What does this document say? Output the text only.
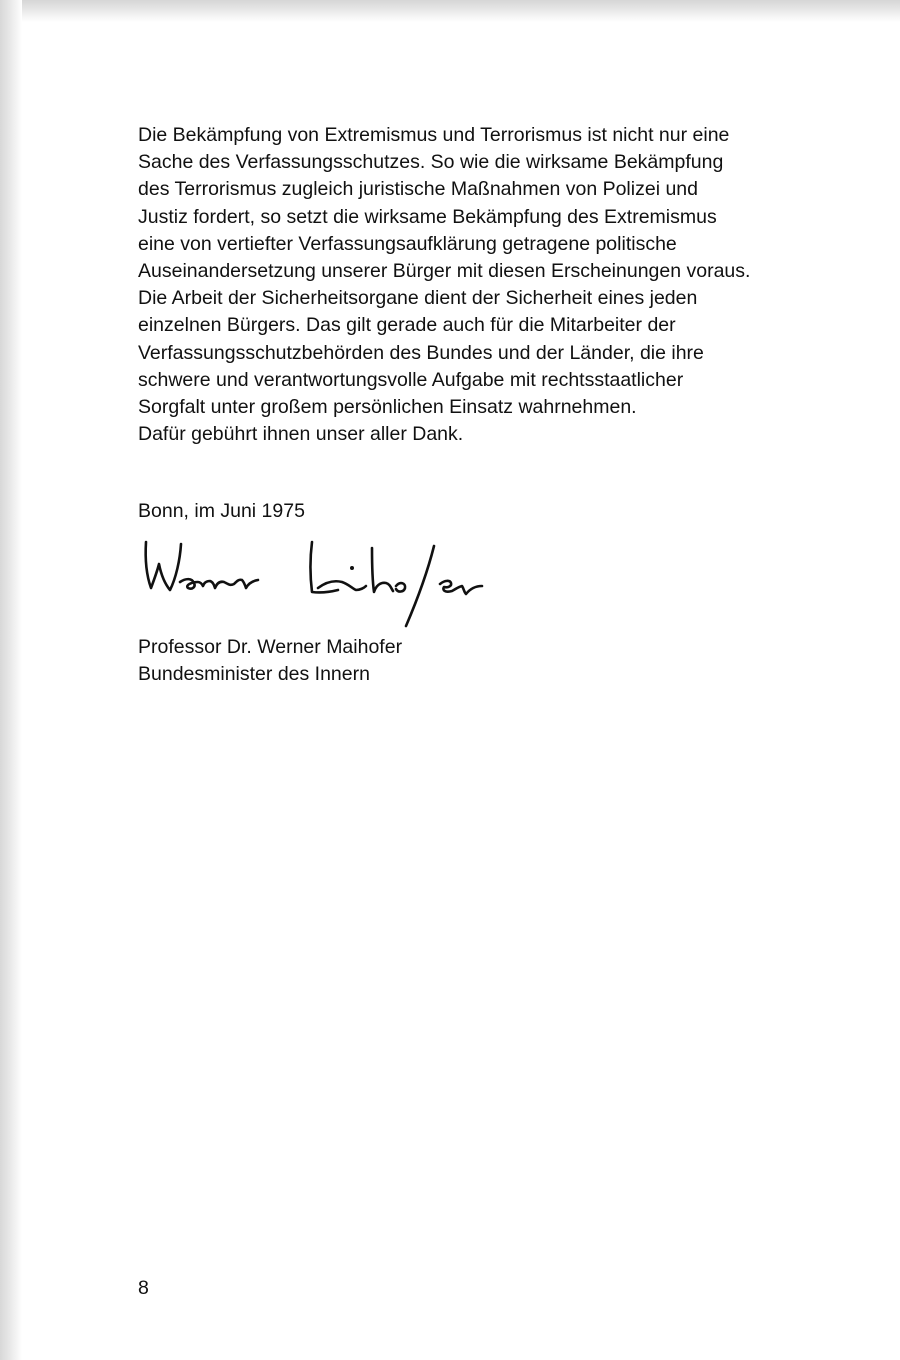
Die Bekämpfung von Extremismus und Terrorismus ist nicht nur eine
Sache des Verfassungsschutzes. So wie die wirksame Bekämpfung
des Terrorismus zugleich juristische Maßnahmen von Polizei und
Justiz fordert, so setzt die wirksame Bekämpfung des Extremismus
eine von vertiefter Verfassungsaufklärung getragene politische
Auseinandersetzung unserer Bürger mit diesen Erscheinungen voraus.
Die Arbeit der Sicherheitsorgane dient der Sicherheit eines jeden
einzelnen Bürgers. Das gilt gerade auch für die Mitarbeiter der
Verfassungsschutzbehörden des Bundes und der Länder, die ihre
schwere und verantwortungsvolle Aufgabe mit rechtsstaatlicher
Sorgfalt unter großem persönlichen Einsatz wahrnehmen.
Dafür gebührt ihnen unser aller Dank.
Bonn, im Juni 1975
Professor Dr. Werner Maihofer
Bundesminister des Innern
8
